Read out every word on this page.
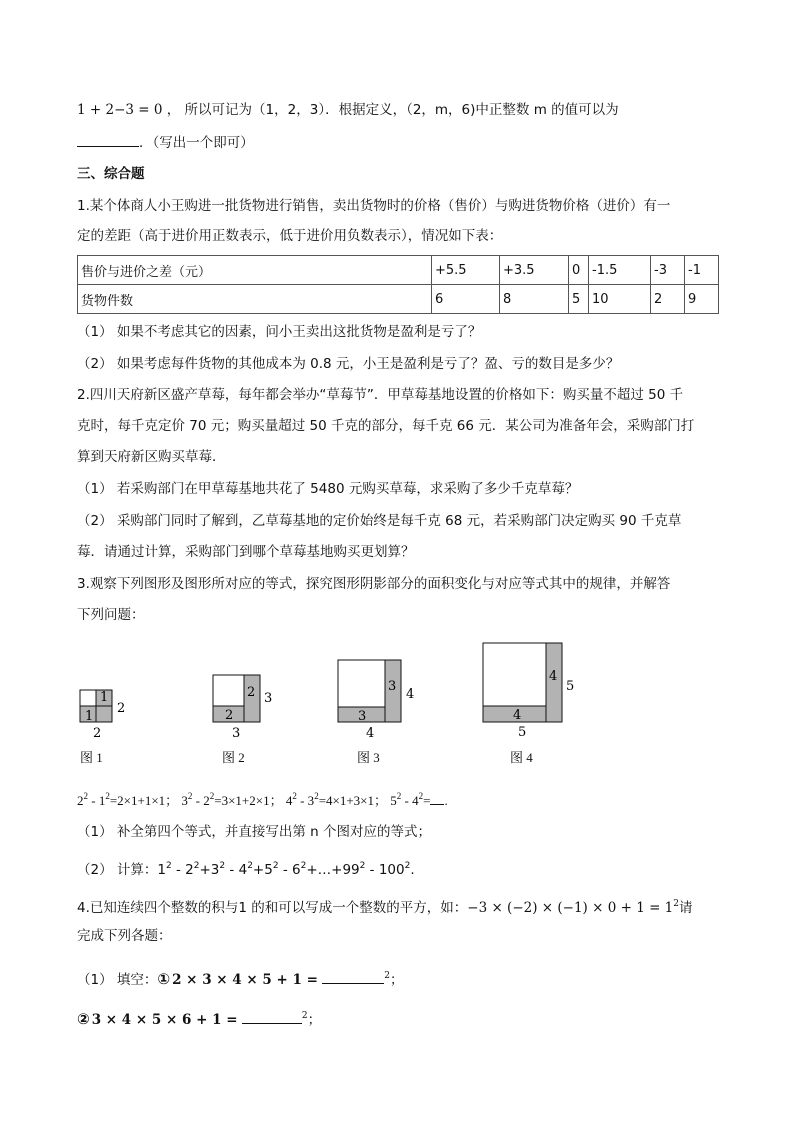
1 + 2−3 = 0 ， 所以可记为（1，2，3）．根据定义，（2，m，6)中正整数 m 的值可以为
．（写出一个即可）
三、综合题
1.某个体商人小王购进一批货物进行销售，卖出货物时的价格（售价）与购进货物价格（进价）有一
定的差距（高于进价用正数表示，低于进价用负数表示），情况如下表：
售价与进价之差（元）	+5.5	+3.5	0	-1.5	-3	-1
货物件数	6	8	5	10	2	9
（1） 如果不考虑其它的因素，问小王卖出这批货物是盈利是亏了？
（2） 如果考虑每件货物的其他成本为 0.8 元，小王是盈利是亏了？盈、亏的数目是多少？
2.四川天府新区盛产草莓，每年都会举办“草莓节”．甲草莓基地设置的价格如下：购买量不超过 50 千
克时，每千克定价 70 元；购买量超过 50 千克的部分，每千克 66 元．某公司为准备年会，采购部门打
算到天府新区购买草莓．
（1） 若采购部门在甲草莓基地共花了 5480 元购买草莓，求采购了多少千克草莓？
（2） 采购部门同时了解到，乙草莓基地的定价始终是每千克 68 元，若采购部门决定购买 90 千克草
莓．请通过计算，采购部门到哪个草莓基地购买更划算？
3.观察下列图形及图形所对应的等式，探究图形阴影部分的面积变化与对应等式其中的规律，并解答
下列问题：
1
1
2
2
2
2
3
3
3
3
4
4
4
4
5
5
图 1	图 2	图 3	图 4
$2^2 - 1^2=2\times 1+1\times 1$； $3^2 - 2^2=3\times 1+2\times 1$； $4^2 - 3^2=4\times 1+3\times 1$； $5^2 - 4^2=$ .
（1） 补全第四个等式，并直接写出第 n 个图对应的等式；
（2） 计算：$1^2 - 2^2+3^2 - 4^2+5^2$ - $6^2+\dots+99^2 - 100^2$.
4.已知连续四个整数的积与1 的和可以写成一个整数的平方，如：$-3 \times (-2) \times (-1) \times 0 + 1 = 1^2$请
完成下列各题：
（1） 填空：① 2 × 3 × 4 × 5 + 1 =	$^2$；
② 3 × 4 × 5 × 6 + 1 =	$^2$；
